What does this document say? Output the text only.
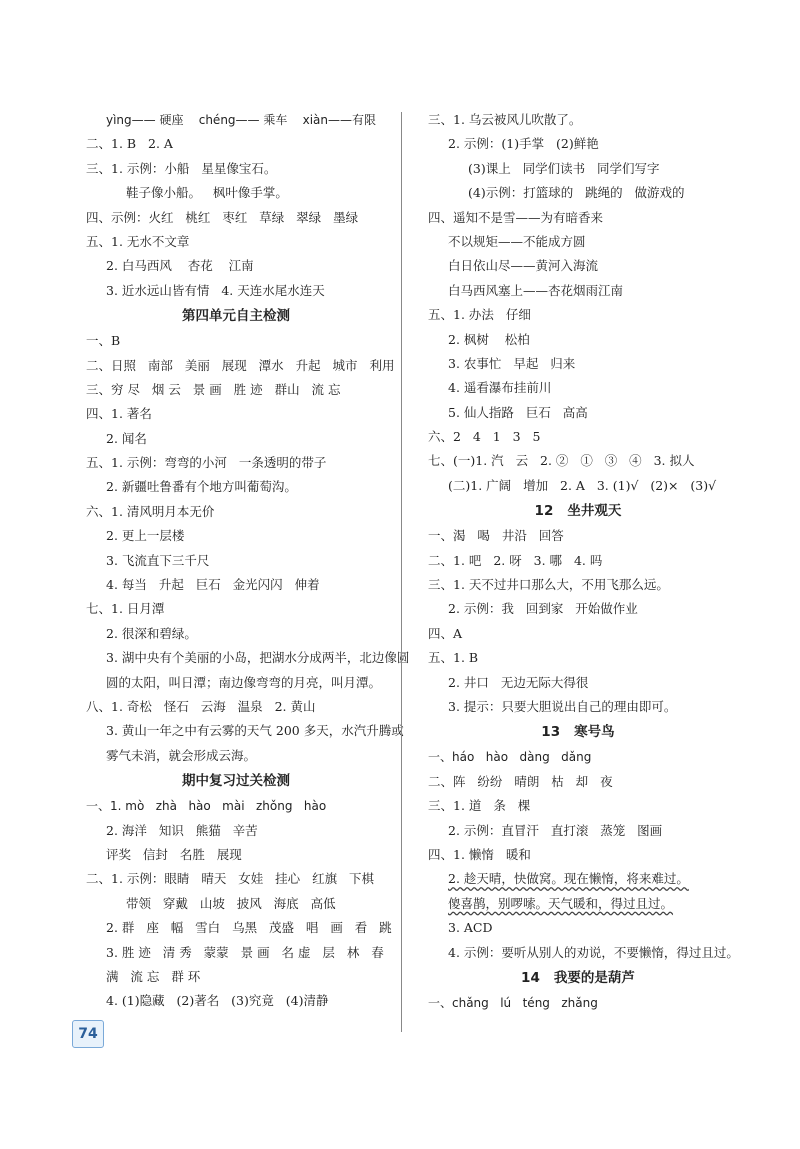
yìng—— 硬座    chéng—— 乘车    xiàn——有限
二、1. B   2. A
三、1. 示例：小船   星星像宝石。
鞋子像小船。   枫叶像手掌。
四、示例：火红   桃红   枣红   草绿   翠绿   墨绿
五、1. 无水不文章
2. 白马西风    杏花    江南
3. 近水远山皆有情   4. 天连水尾水连天
第四单元自主检测
一、B
二、日照   南部   美丽   展现   潭水   升起   城市   利用
三、穷 尽   烟 云   景 画   胜 迹   群山   流 忘
四、1. 著名
2. 闻名
五、1. 示例：弯弯的小河   一条透明的带子
2. 新疆吐鲁番有个地方叫葡萄沟。
六、1. 清风明月本无价
2. 更上一层楼
3. 飞流直下三千尺
4. 每当   升起   巨石   金光闪闪   伸着
七、1. 日月潭
2. 很深和碧绿。
3. 湖中央有个美丽的小岛，把湖水分成两半，北边像圆
圆的太阳，叫日潭；南边像弯弯的月亮，叫月潭。
八、1. 奇松   怪石   云海   温泉   2. 黄山
3. 黄山一年之中有云雾的天气 200 多天，水汽升腾或
雾气未消，就会形成云海。
期中复习过关检测
一、1. mò   zhà   hào   mài   zhǒng   hào
2. 海洋   知识   熊猫   辛苦
评奖   信封   名胜   展现
二、1. 示例：眼睛   晴天   女娃   挂心   红旗   下棋
带领   穿戴   山坡   披风   海底   高低
2. 群   座   幅   雪白   乌黑   茂盛   唱   画   看   跳
3. 胜 迹   清 秀   蒙蒙   景 画   名 虚   层   林   春
满   流 忘   群 环
4. (1)隐藏   (2)著名   (3)究竟   (4)清静
三、1. 乌云被风儿吹散了。
2. 示例：(1)手掌   (2)鲜艳
(3)课上   同学们读书   同学们写字
(4)示例：打篮球的   跳绳的   做游戏的
四、遥知不是雪——为有暗香来
不以规矩——不能成方圆
白日依山尽——黄河入海流
白马西风塞上——杏花烟雨江南
五、1. 办法   仔细
2. 枫树    松柏
3. 农事忙   早起   归来
4. 遥看瀑布挂前川
5. 仙人指路   巨石   高高
六、2   4   1   3   5
七、(一)1. 汽   云   2. ②   ①   ③   ④   3. 拟人
(二)1. 广阔   增加   2. A   3. (1)√   (2)×   (3)√
12   坐井观天
一、渴   喝   井沿   回答
二、1. 吧   2. 呀   3. 哪   4. 吗
三、1. 天不过井口那么大，不用飞那么远。
2. 示例：我   回到家   开始做作业
四、A
五、1. B
2. 井口   无边无际大得很
3. 提示：只要大胆说出自己的理由即可。
13   寒号鸟
一、háo   hào   dàng   dǎng
二、阵   纷纷   晴朗   枯   却   夜
三、1. 道   条   棵
2. 示例：直冒汗   直打滚   蒸笼   图画
四、1. 懒惰   暖和
2. 趁天晴，快做窝。现在懒惰，将来难过。
傻喜鹊，别啰嗦。天气暖和，得过且过。
3. ACD
4. 示例：要听从别人的劝说，不要懒惰，得过且过。
14   我要的是葫芦
一、chǎng   lú   téng   zhǎng
74
